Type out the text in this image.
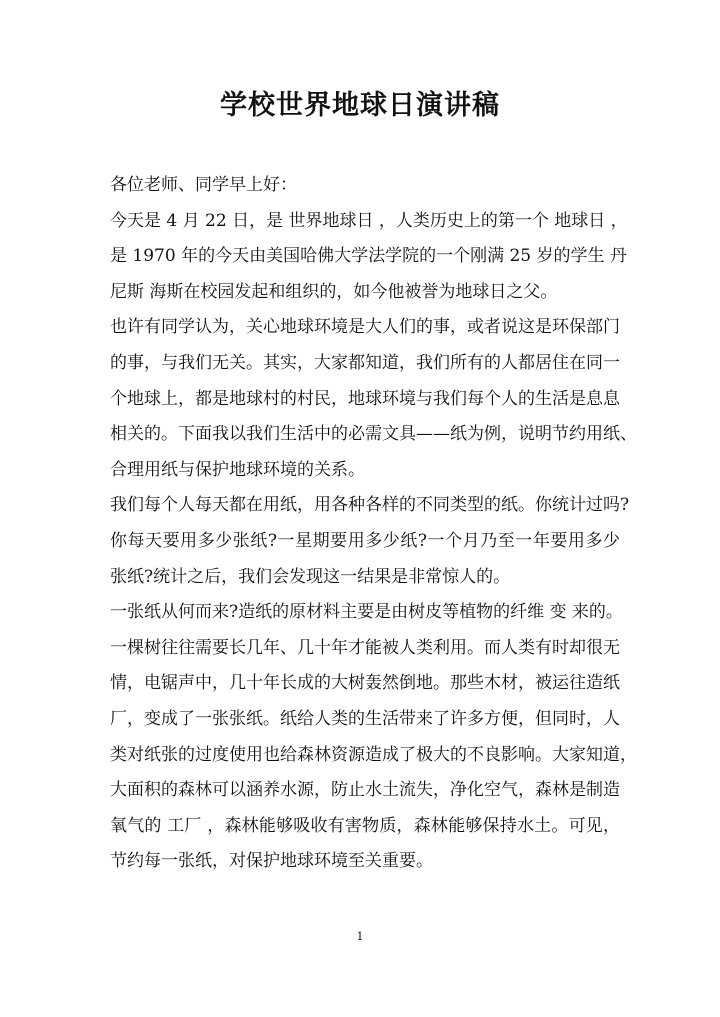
学校世界地球日演讲稿
各位老师、同学早上好：
今天是 4 月 22 日，是 世界地球日 ，人类历史上的第一个 地球日 ，
是 1970 年的今天由美国哈佛大学法学院的一个刚满 25 岁的学生 丹
尼斯 海斯在校园发起和组织的，如今他被誉为地球日之父。
也许有同学认为，关心地球环境是大人们的事，或者说这是环保部门
的事，与我们无关。其实，大家都知道，我们所有的人都居住在同一
个地球上，都是地球村的村民，地球环境与我们每个人的生活是息息
相关的。下面我以我们生活中的必需文具——纸为例，说明节约用纸、
合理用纸与保护地球环境的关系。
我们每个人每天都在用纸，用各种各样的不同类型的纸。你统计过吗?
你每天要用多少张纸?一星期要用多少纸?一个月乃至一年要用多少
张纸?统计之后，我们会发现这一结果是非常惊人的。
一张纸从何而来?造纸的原材料主要是由树皮等植物的纤维 变 来的。
一棵树往往需要长几年、几十年才能被人类利用。而人类有时却很无
情，电锯声中，几十年长成的大树轰然倒地。那些木材，被运往造纸
厂，变成了一张张纸。纸给人类的生活带来了许多方便，但同时，人
类对纸张的过度使用也给森林资源造成了极大的不良影响。大家知道，
大面积的森林可以涵养水源，防止水土流失，净化空气，森林是制造
氧气的 工厂 ，森林能够吸收有害物质，森林能够保持水土。可见，
节约每一张纸，对保护地球环境至关重要。
1
